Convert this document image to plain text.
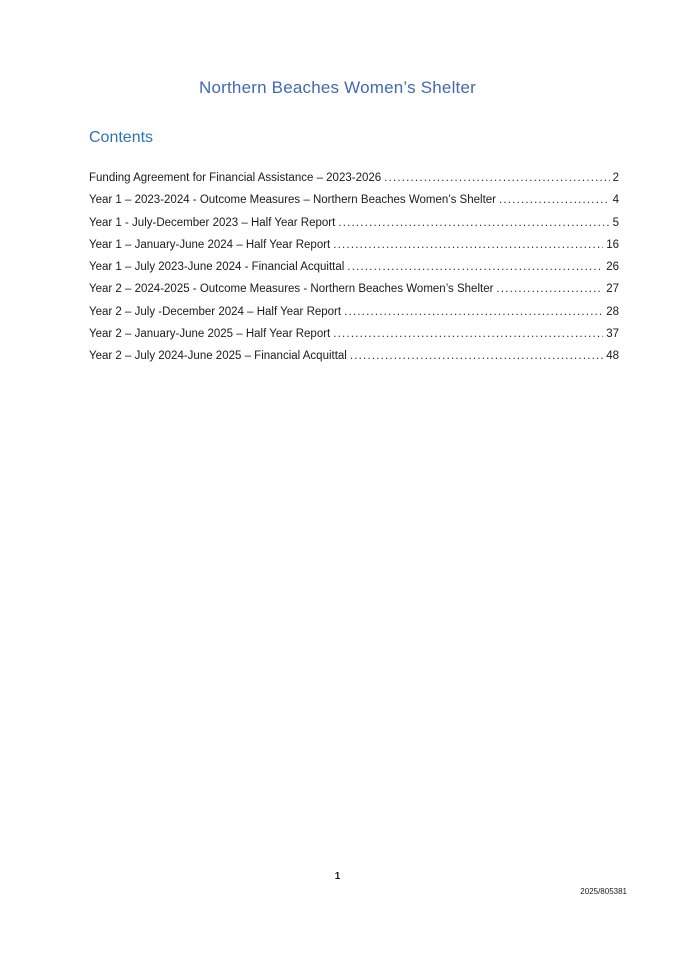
Northern Beaches Women’s Shelter
Contents
Funding Agreement for Financial Assistance – 2023-2026 .....	2
Year 1 – 2023-2024 - Outcome Measures – Northern Beaches Women’s Shelter .....	4
Year 1 - July-December 2023 – Half Year Report .....	5
Year 1 – January-June 2024 – Half Year Report .....	16
Year 1 – July 2023-June 2024 - Financial Acquittal .....	26
Year 2 – 2024-2025 - Outcome Measures - Northern Beaches Women’s Shelter .....	27
Year 2 – July -December 2024 – Half Year Report .....	28
Year 2 – January-June 2025 – Half Year Report .....	37
Year 2 – July 2024-June 2025 – Financial Acquittal .....	48
1
2025/805381
